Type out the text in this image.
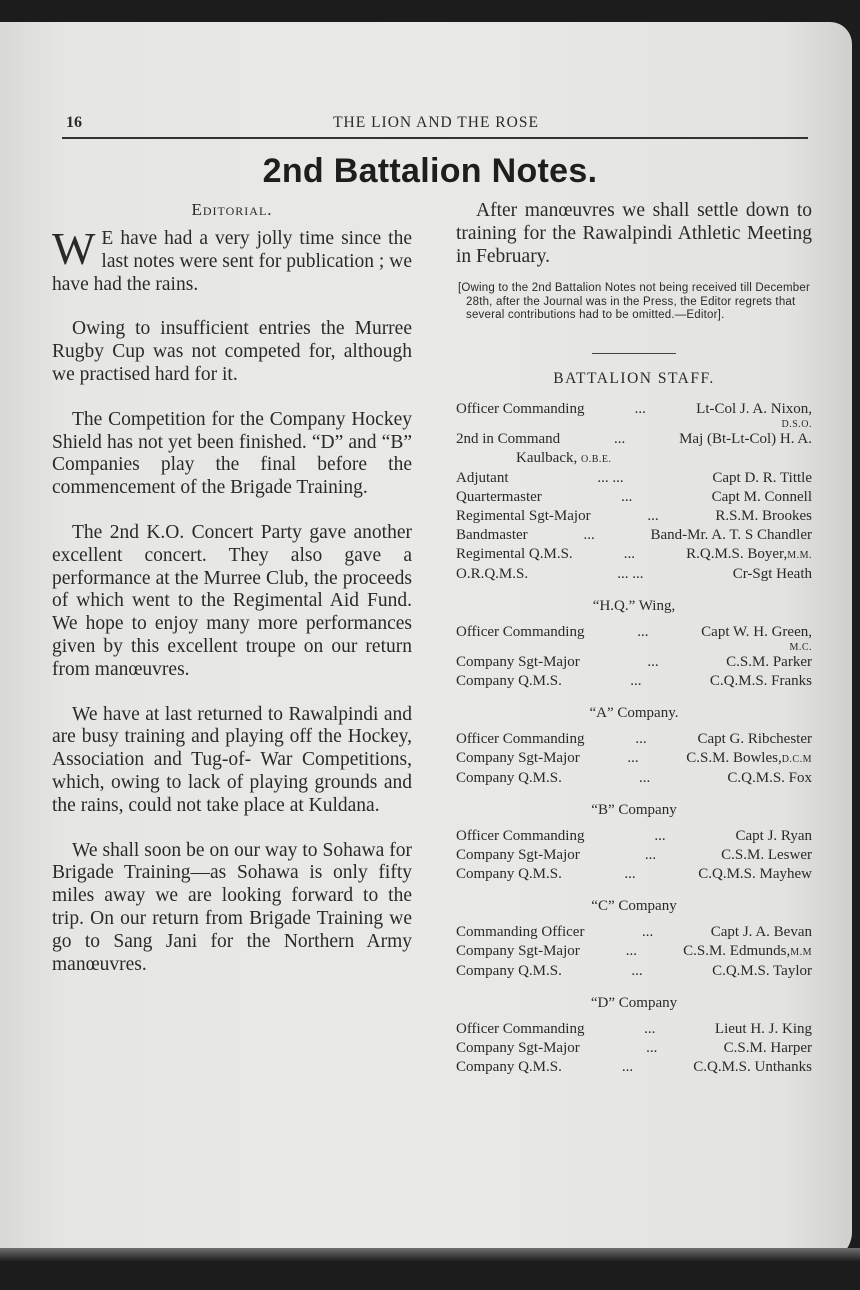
16	THE LION AND THE ROSE
2nd Battalion Notes.
Editorial.

W E have had a very jolly time since the last notes were sent for publication ; we have had the rains.

Owing to insufficient entries the Murree Rugby Cup was not competed for, although we practised hard for it.

The Competition for the Company Hockey Shield has not yet been finished. “D” and “B” Companies play the final before the commencement of the Brigade Training.

The 2nd K.O. Concert Party gave another excellent concert. They also gave a performance at the Murree Club, the proceeds of which went to the Regimental Aid Fund. We hope to enjoy many more performances given by this excellent troupe on our return from manœuvres.

We have at last returned to Rawalpindi and are busy training and playing off the Hockey, Association and Tug-of- War Competitions, which, owing to lack of playing grounds and the rains, could not take place at Kuldana.

We shall soon be on our way to Sohawa for Brigade Training—as Sohawa is only fifty miles away we are looking forward to the trip. On our return from Brigade Training we go to Sang Jani for the Northern Army manœuvres.

After manœuvres we shall settle down to training for the Rawalpindi Athletic Meeting in February.

[Owing to the 2nd Battalion Notes not being received till December 28th, after the Journal was in the Press, the Editor regrets that several contributions had to be omitted.—Editor].

BATTALION STAFF.
Officer Commanding	...	Lt-Col J. A. Nixon,
D.S.O.
2nd in Command	...	Maj (Bt-Lt-Col) H. A.
Kaulback, O.B.E.
Adjutant	... ...	Capt D. R. Tittle
Quartermaster	...	Capt M. Connell
Regimental Sgt-Major	...	R.S.M. Brookes
Bandmaster	...	Band-Mr. A. T. S Chandler
Regimental Q.M.S.	...	R.Q.M.S. Boyer,M.M.
O.R.Q.M.S.	... ...	Cr-Sgt Heath
“H.Q.” Wing,
Officer Commanding	...	Capt W. H. Green,
M.C.
Company Sgt-Major	...	C.S.M. Parker
Company Q.M.S.	...	C.Q.M.S. Franks
“A” Company.
Officer Commanding	...	Capt G. Ribchester
Company Sgt-Major	...	C.S.M. Bowles,D.C.M
Company Q.M.S.	...	C.Q.M.S. Fox
“B” Company
Officer Commanding	...	Capt J. Ryan
Company Sgt-Major	...	C.S.M. Leswer
Company Q.M.S.	...	C.Q.M.S. Mayhew
“C” Company
Commanding Officer	...	Capt J. A. Bevan
Company Sgt-Major	...	C.S.M. Edmunds,M.M
Company Q.M.S.	...	C.Q.M.S. Taylor
“D” Company
Officer Commanding	...	Lieut H. J. King
Company Sgt-Major	...	C.S.M. Harper
Company Q.M.S.	...	C.Q.M.S. Unthanks
